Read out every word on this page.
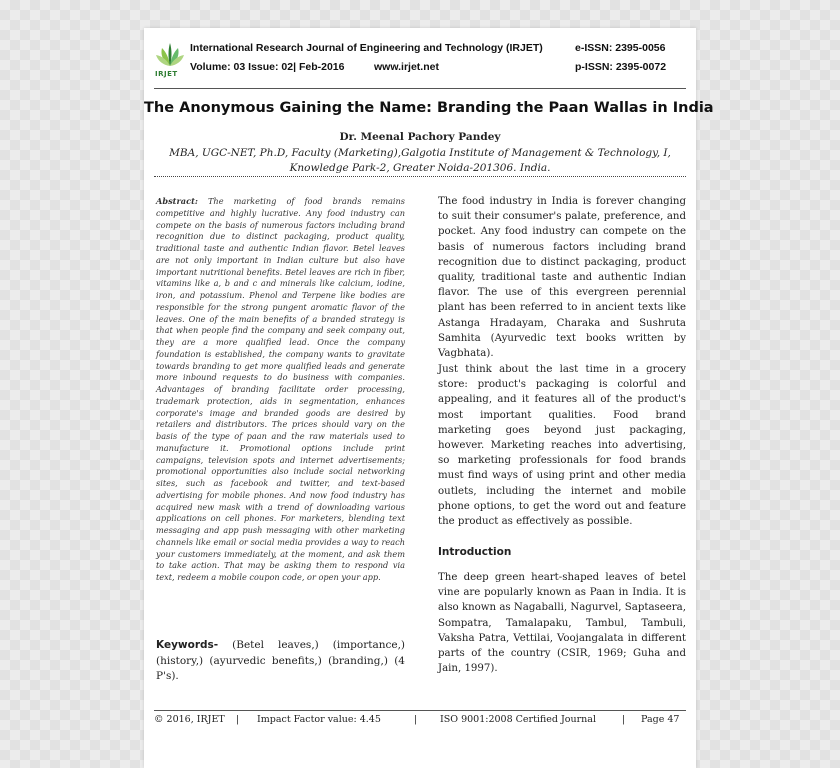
IRJET
International Research Journal of Engineering and Technology (IRJET)	e-ISSN: 2395-0056
Volume: 03 Issue: 02| Feb-2016	www.irjet.net	p-ISSN: 2395-0072
The Anonymous Gaining the Name: Branding the Paan Wallas in India
Dr. Meenal Pachory Pandey
MBA, UGC-NET, Ph.D, Faculty (Marketing),Galgotia Institute of Management & Technology, I, Knowledge Park-2, Greater Noida-201306. India.
Abstract: The marketing of food brands remains competitive and highly lucrative. Any food industry can compete on the basis of numerous factors including brand recognition due to distinct packaging, product quality, traditional taste and authentic Indian flavor. Betel leaves are not only important in Indian culture but also have important nutritional benefits. Betel leaves are rich in fiber, vitamins like a, b and c and minerals like calcium, iodine, iron, and potassium. Phenol and Terpene like bodies are responsible for the strong pungent aromatic flavor of the leaves. One of the main benefits of a branded strategy is that when people find the company and seek company out, they are a more qualified lead. Once the company foundation is established, the company wants to gravitate towards branding to get more qualified leads and generate more inbound requests to do business with companies. Advantages of branding facilitate order processing, trademark protection, aids in segmentation, enhances corporate's image and branded goods are desired by retailers and distributors. The prices should vary on the basis of the type of paan and the raw materials used to manufacture it. Promotional options include print campaigns, television spots and internet advertisements; promotional opportunities also include social networking sites, such as facebook and twitter, and text-based advertising for mobile phones. And now food industry has acquired new mask with a trend of downloading various applications on cell phones. For marketers, blending text messaging and app push messaging with other marketing channels like email or social media provides a way to reach your customers immediately, at the moment, and ask them to take action. That may be asking them to respond via text, redeem a mobile coupon code, or open your app.
Keywords- (Betel leaves,) (importance,) (history,) (ayurvedic benefits,) (branding,) (4 P's).
The food industry in India is forever changing to suit their consumer's palate, preference, and pocket. Any food industry can compete on the basis of numerous factors including brand recognition due to distinct packaging, product quality, traditional taste and authentic Indian flavor. The use of this evergreen perennial plant has been referred to in ancient texts like Astanga Hradayam, Charaka and Sushruta Samhita (Ayurvedic text books written by Vagbhata).
Just think about the last time in a grocery store: product's packaging is colorful and appealing, and it features all of the product's most important qualities. Food brand marketing goes beyond just packaging, however. Marketing reaches into advertising, so marketing professionals for food brands must find ways of using print and other media outlets, including the internet and mobile phone options, to get the word out and feature the product as effectively as possible.
Introduction
The deep green heart-shaped leaves of betel vine are popularly known as Paan in India. It is also known as Nagaballi, Nagurvel, Saptaseera, Sompatra, Tamalapaku, Tambul, Tambuli, Vaksha Patra, Vettilai, Voojangalata in different parts of the country (CSIR, 1969; Guha and Jain, 1997).
© 2016, IRJET | Impact Factor value: 4.45	| ISO 9001:2008 Certified Journal	| Page 47
